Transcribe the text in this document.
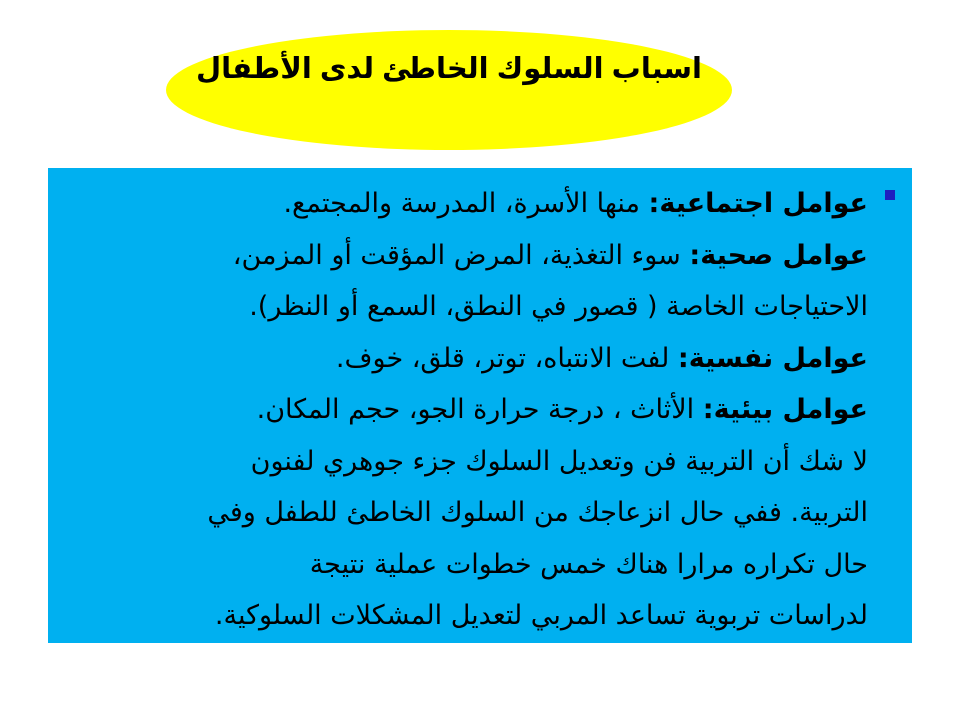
اسباب السلوك الخاطئ لدى الأطفال
عوامل اجتماعية: منها الأسرة، المدرسة والمجتمع.
عوامل صحية: سوء التغذية، المرض المؤقت أو المزمن،
الاحتياجات الخاصة ( قصور في النطق، السمع أو النظر).
عوامل نفسية: لفت الانتباه، توتر، قلق، خوف.
عوامل بيئية: الأثاث ، درجة حرارة الجو، حجم المكان.
لا شك أن التربية فن وتعديل السلوك جزء جوهري لفنون
التربية. ففي حال انزعاجك من السلوك الخاطئ للطفل وفي
حال تكراره مرارا هناك خمس خطوات عملية نتيجة
لدراسات تربوية تساعد المربي لتعديل المشكلات السلوكية.
